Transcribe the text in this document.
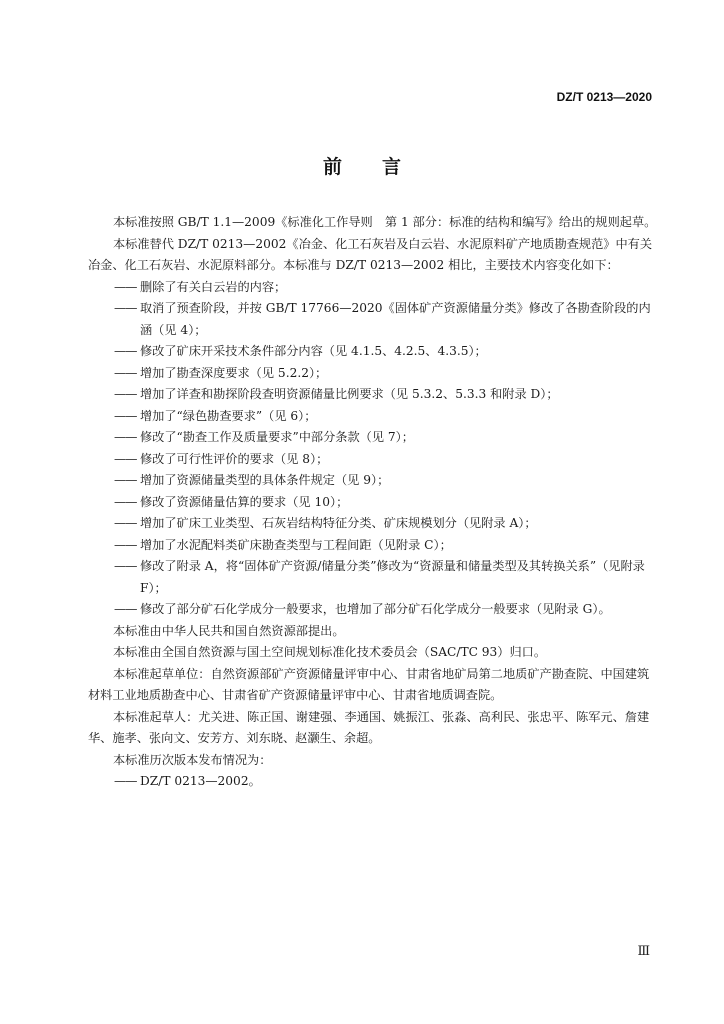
DZ/T 0213—2020
前言

本标准按照 GB/T 1.1—2009《标准化工作导则　第 1 部分：标准的结构和编写》给出的规则起草。

本标准替代 DZ/T 0213—2002《冶金、化工石灰岩及白云岩、水泥原料矿产地质勘查规范》中有关冶金、化工石灰岩、水泥原料部分。本标准与 DZ/T 0213—2002 相比，主要技术内容变化如下：

—— 删除了有关白云岩的内容；

—— 取消了预查阶段，并按 GB/T 17766—2020《固体矿产资源储量分类》修改了各勘查阶段的内涵（见 4）；

—— 修改了矿床开采技术条件部分内容（见 4.1.5、4.2.5、4.3.5）；

—— 增加了勘查深度要求（见 5.2.2）；

—— 增加了详查和勘探阶段查明资源储量比例要求（见 5.3.2、5.3.3 和附录 D）；

—— 增加了“绿色勘查要求”（见 6）；

—— 修改了“勘查工作及质量要求”中部分条款（见 7）；

—— 修改了可行性评价的要求（见 8）；

—— 增加了资源储量类型的具体条件规定（见 9）；

—— 修改了资源储量估算的要求（见 10）；

—— 增加了矿床工业类型、石灰岩结构特征分类、矿床规模划分（见附录 A）；

—— 增加了水泥配料类矿床勘查类型与工程间距（见附录 C）；

—— 修改了附录 A，将“固体矿产资源/储量分类”修改为“资源量和储量类型及其转换关系”（见附录 F）；

—— 修改了部分矿石化学成分一般要求，也增加了部分矿石化学成分一般要求（见附录 G）。

本标准由中华人民共和国自然资源部提出。

本标准由全国自然资源与国土空间规划标准化技术委员会（SAC/TC 93）归口。

本标准起草单位：自然资源部矿产资源储量评审中心、甘肃省地矿局第二地质矿产勘查院、中国建筑材料工业地质勘查中心、甘肃省矿产资源储量评审中心、甘肃省地质调查院。

本标准起草人：尤关进、陈正国、谢建强、李通国、姚振江、张淼、高利民、张忠平、陈军元、詹建华、施孝、张向文、安芳方、刘东晓、赵灏生、余超。

本标准历次版本发布情况为：

—— DZ/T 0213—2002。

Ⅲ
